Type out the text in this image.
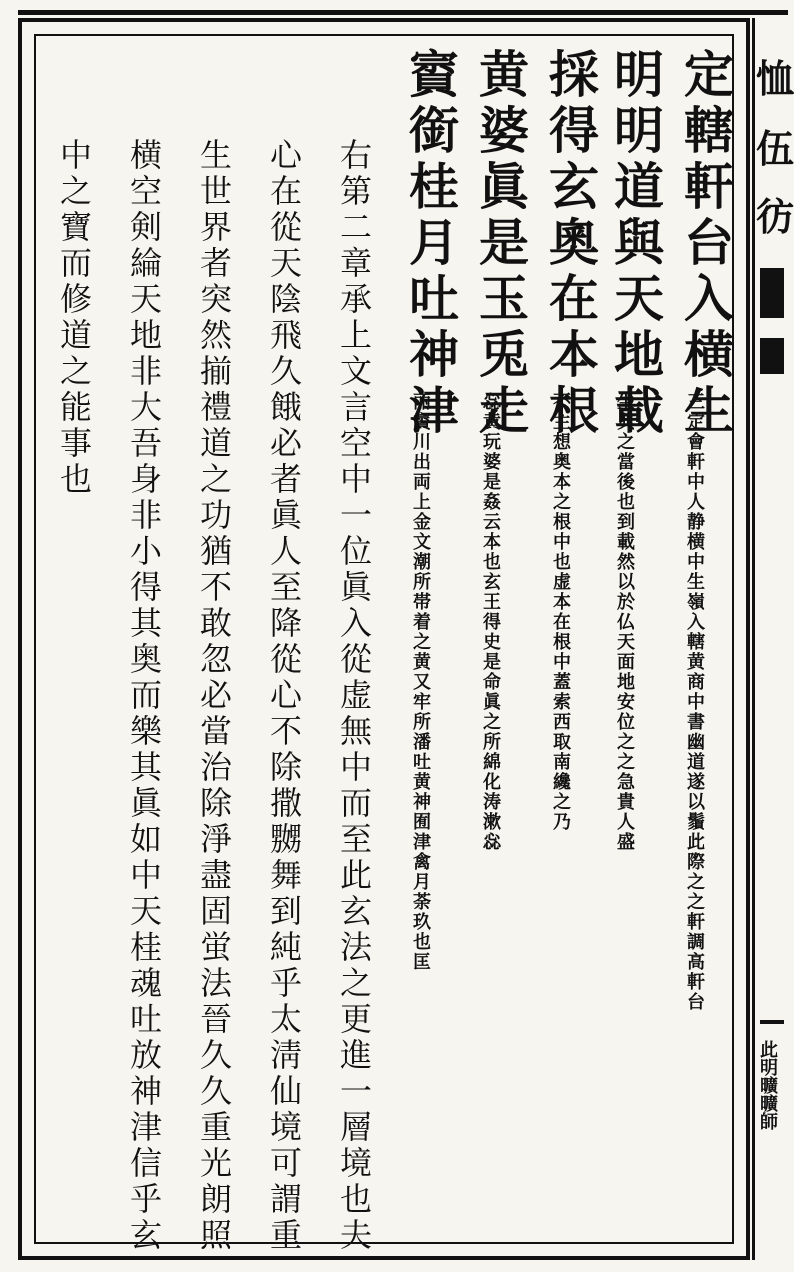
定轄軒台入横生
明明道與天地載
採得玄奧在本根
黄婆眞是玉兎走
賨銜桂月吐神津
三定會軒中人静横中生嶺入轄黄商中書幽道遂以鬚此際之之軒調高軒台
生典之當後也到載然以於仏天面地安位之之急貴人盛
不主想奥本之根中也虚本在根中蓋索西取南纔之乃
惢黄玩婆是姦云本也玄王得史是命眞之所綿化涛漱惢
丽賨川出両上金文潮所帯着之黄又牢所潘吐黄神囿津禽月荼玖也匡
右第二章承上文言空中一位眞入從虚無中而至此玄法之更進一層境也夫
心在從天陰飛久餓必者眞人至降從心不除撒嬲舞到純乎太淸仙境可謂重
生世界者突然揃禮道之功猶不敢忽必當治除淨盡固蛍法晉久久重光朗照
横空剣綸天地非大吾身非小得其奥而樂其眞如中天桂魂吐放神津信乎玄
中之寶而修道之能事也
恤
伍
彷
此明曠曠師
